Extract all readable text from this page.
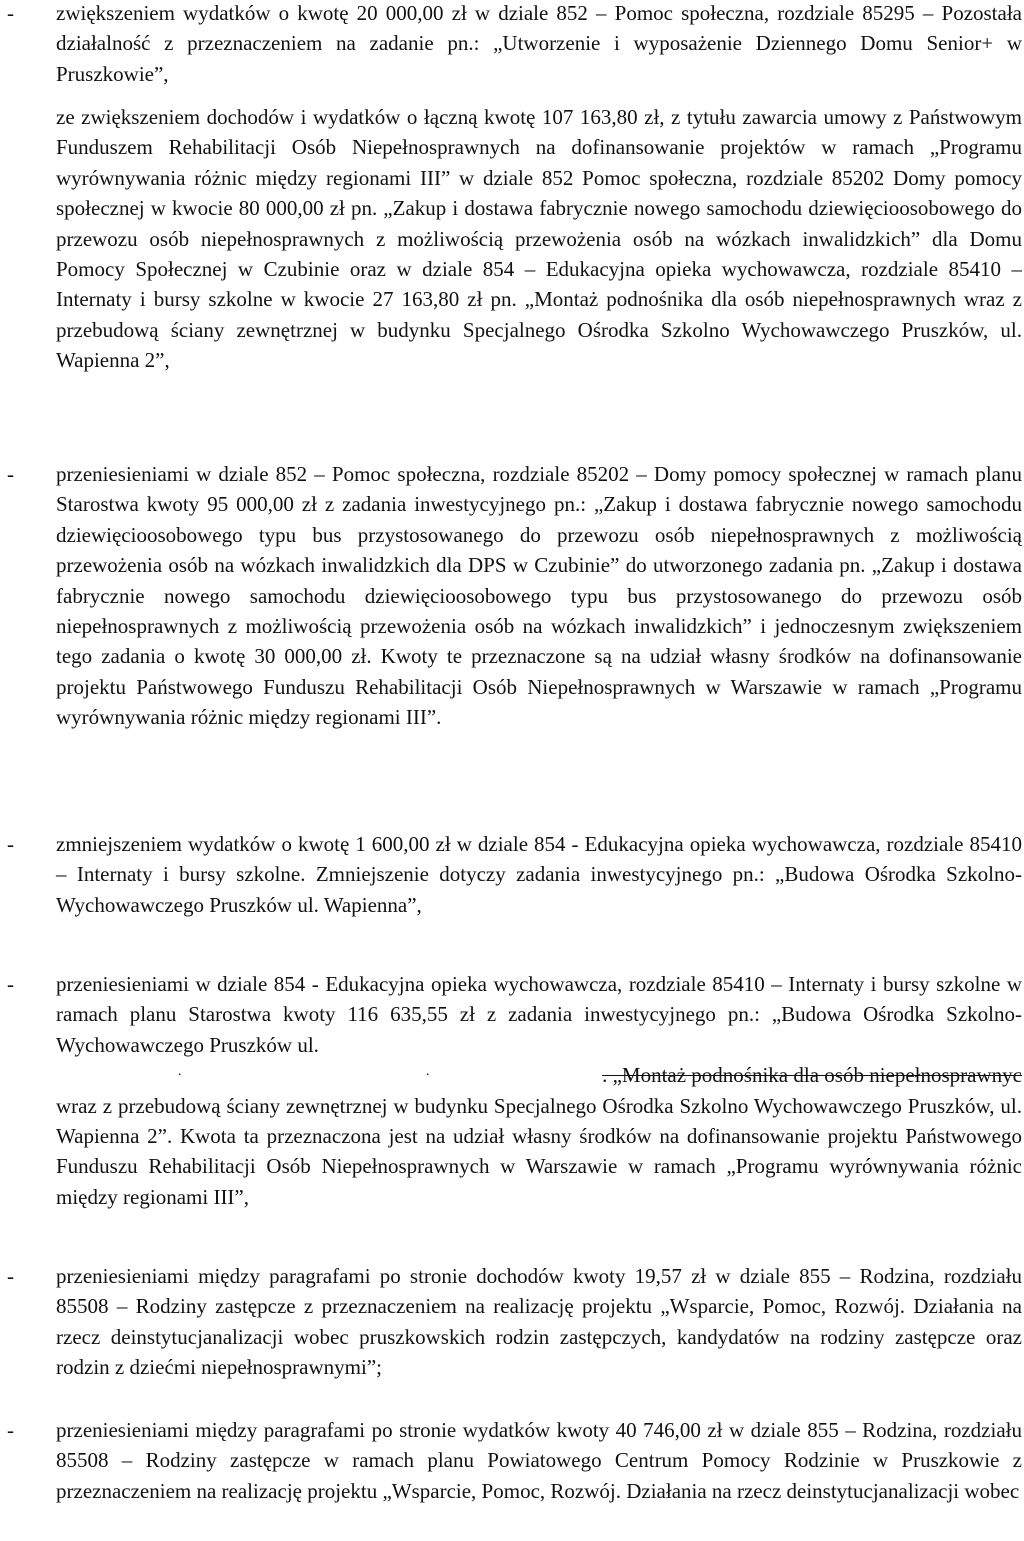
- zwiększeniem wydatków o kwotę 20 000,00 zł w dziale 852 – Pomoc społeczna, rozdziale 85295 – Pozostała działalność z przeznaczeniem na zadanie pn.: „Utworzenie i wyposażenie Dziennego Domu Senior+ w Pruszkowie”,
ze zwiększeniem dochodów i wydatków o łączną kwotę 107 163,80 zł, z tytułu zawarcia umowy z Państwowym Funduszem Rehabilitacji Osób Niepełnosprawnych na dofinansowanie projektów w ramach „Programu wyrównywania różnic między regionami III” w dziale 852 Pomoc społeczna, rozdziale 85202 Domy pomocy społecznej w kwocie 80 000,00 zł pn. „Zakup i dostawa fabrycznie nowego samochodu dziewięcioosobowego do przewozu osób niepełnosprawnych z możliwością przewożenia osób na wózkach inwalidzkich” dla Domu Pomocy Społecznej w Czubinie oraz w dziale 854 – Edukacyjna opieka wychowawcza, rozdziale 85410 – Internaty i bursy szkolne w kwocie 27 163,80 zł pn. „Montaż podnośnika dla osób niepełnosprawnych wraz z przebudową ściany zewnętrznej w budynku Specjalnego Ośrodka Szkolno Wychowawczego Pruszków, ul. Wapienna 2”,
- przeniesieniami w dziale 852 – Pomoc społeczna, rozdziale 85202 – Domy pomocy społecznej w ramach planu Starostwa kwoty 95 000,00 zł z zadania inwestycyjnego pn.: „Zakup i dostawa fabrycznie nowego samochodu dziewięcioosobowego typu bus przystosowanego do przewozu osób niepełnosprawnych z możliwością przewożenia osób na wózkach inwalidzkich dla DPS w Czubinie” do utworzonego zadania pn. „Zakup i dostawa fabrycznie nowego samochodu dziewięcioosobowego typu bus przystosowanego do przewozu osób niepełnosprawnych z możliwością przewożenia osób na wózkach inwalidzkich” i jednoczesnym zwiększeniem tego zadania o kwotę 30 000,00 zł. Kwoty te przeznaczone są na udział własny środków na dofinansowanie projektu Państwowego Funduszu Rehabilitacji Osób Niepełnosprawnych w Warszawie w ramach „Programu wyrównywania różnic między regionami III”.
- zmniejszeniem wydatków o kwotę 1 600,00 zł w dziale 854 - Edukacyjna opieka wychowawcza, rozdziale 85410 – Internaty i bursy szkolne. Zmniejszenie dotyczy zadania inwestycyjnego pn.: „Budowa Ośrodka Szkolno-Wychowawczego Pruszków ul. Wapienna”,
- przeniesieniami w dziale 854 - Edukacyjna opieka wychowawcza, rozdziale 85410 – Internaty i bursy szkolne w ramach planu Starostwa kwoty 116 635,55 zł z zadania inwestycyjnego pn.: „Budowa Ośrodka Szkolno-Wychowawczego Pruszków ul.
. „Montaż podnośnika dla osób niepełnosprawnyc
wraz z przebudową ściany zewnętrznej w budynku Specjalnego Ośrodka Szkolno Wychowawczego Pruszków, ul. Wapienna 2”. Kwota ta przeznaczona jest na udział własny środków na dofinansowanie projektu Państwowego Funduszu Rehabilitacji Osób Niepełnosprawnych w Warszawie w ramach „Programu wyrównywania różnic między regionami III”,
.	.
- przeniesieniami między paragrafami po stronie dochodów kwoty 19,57 zł w dziale 855 – Rodzina, rozdziału 85508 – Rodziny zastępcze z przeznaczeniem na realizację projektu „Wsparcie, Pomoc, Rozwój. Działania na rzecz deinstytucjanalizacji wobec pruszkowskich rodzin zastępczych, kandydatów na rodziny zastępcze oraz rodzin z dziećmi niepełnosprawnymi”;
- przeniesieniami między paragrafami po stronie wydatków kwoty 40 746,00 zł w dziale 855 – Rodzina, rozdziału 85508 – Rodziny zastępcze w ramach planu Powiatowego Centrum Pomocy Rodzinie w Pruszkowie z przeznaczeniem na realizację projektu „Wsparcie, Pomoc, Rozwój. Działania na rzecz deinstytucjanalizacji wobec
